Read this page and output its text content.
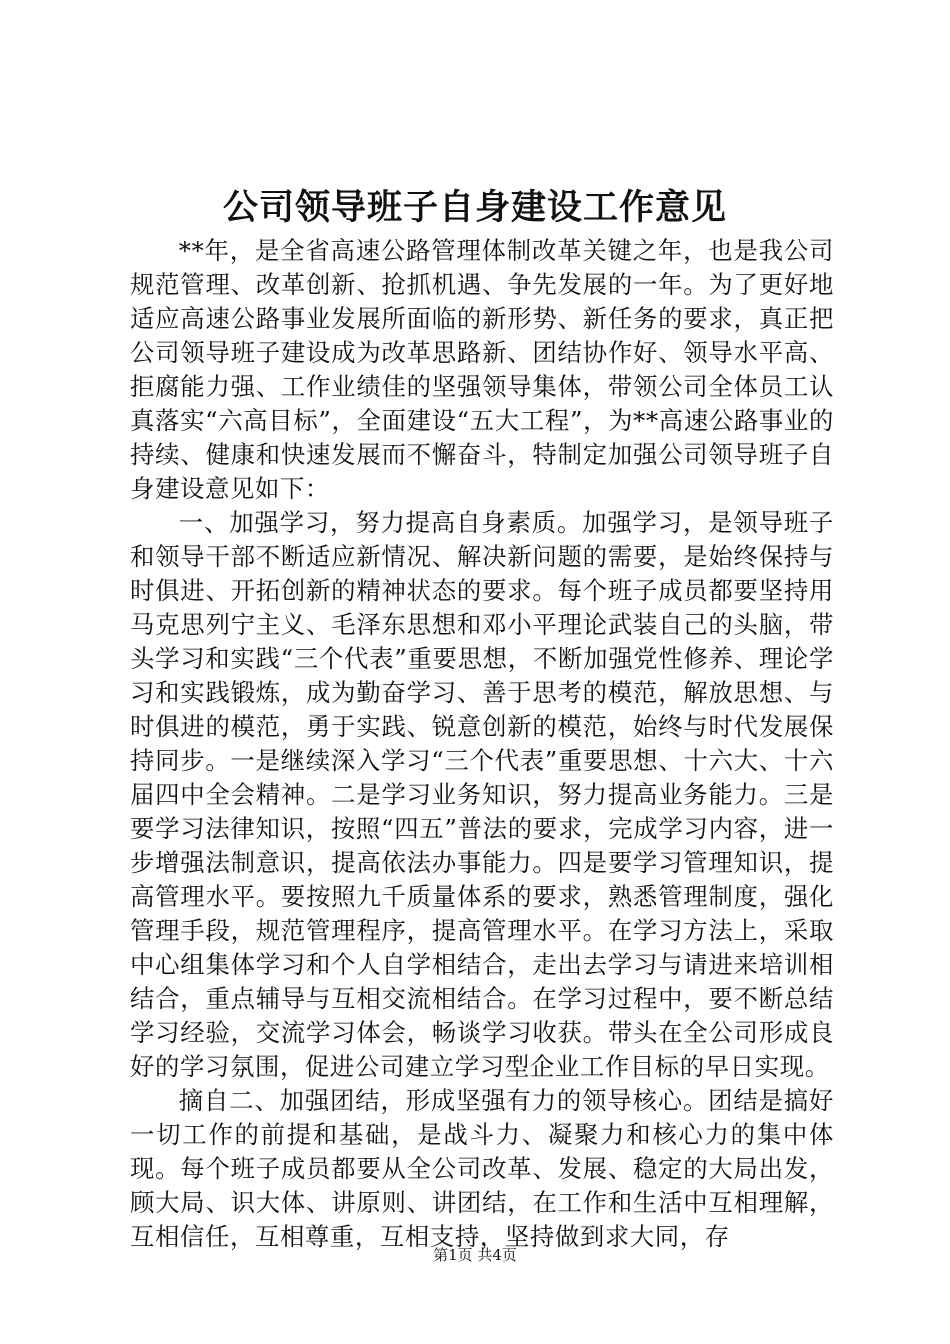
公司领导班子自身建设工作意见

**年，是全省高速公路管理体制改革关键之年，也是我公司规范管理、改革创新、抢抓机遇、争先发展的一年。为了更好地适应高速公路事业发展所面临的新形势、新任务的要求，真正把公司领导班子建设成为改革思路新、团结协作好、领导水平高、拒腐能力强、工作业绩佳的坚强领导集体，带领公司全体员工认真落实“六高目标”，全面建设“五大工程”，为**高速公路事业的持续、健康和快速发展而不懈奋斗，特制定加强公司领导班子自身建设意见如下：

一、加强学习，努力提高自身素质。加强学习，是领导班子和领导干部不断适应新情况、解决新问题的需要，是始终保持与时俱进、开拓创新的精神状态的要求。每个班子成员都要坚持用马克思列宁主义、毛泽东思想和邓小平理论武装自己的头脑，带头学习和实践“三个代表”重要思想，不断加强党性修养、理论学习和实践锻炼，成为勤奋学习、善于思考的模范，解放思想、与时俱进的模范，勇于实践、锐意创新的模范，始终与时代发展保持同步。一是继续深入学习“三个代表”重要思想、十六大、十六届四中全会精神。二是学习业务知识，努力提高业务能力。三是要学习法律知识，按照“四五”普法的要求，完成学习内容，进一步增强法制意识，提高依法办事能力。四是要学习管理知识，提高管理水平。要按照九千质量体系的要求，熟悉管理制度，强化管理手段，规范管理程序，提高管理水平。在学习方法上，采取中心组集体学习和个人自学相结合，走出去学习与请进来培训相结合，重点辅导与互相交流相结合。在学习过程中，要不断总结学习经验，交流学习体会，畅谈学习收获。带头在全公司形成良好的学习氛围，促进公司建立学习型企业工作目标的早日实现。

摘自二、加强团结，形成坚强有力的领导核心。团结是搞好一切工作的前提和基础，是战斗力、凝聚力和核心力的集中体现。每个班子成员都要从全公司改革、发展、稳定的大局出发，顾大局、识大体、讲原则、讲团结，在工作和生活中互相理解，互相信任，互相尊重，互相支持，坚持做到求大同，存

第1页 共4页
